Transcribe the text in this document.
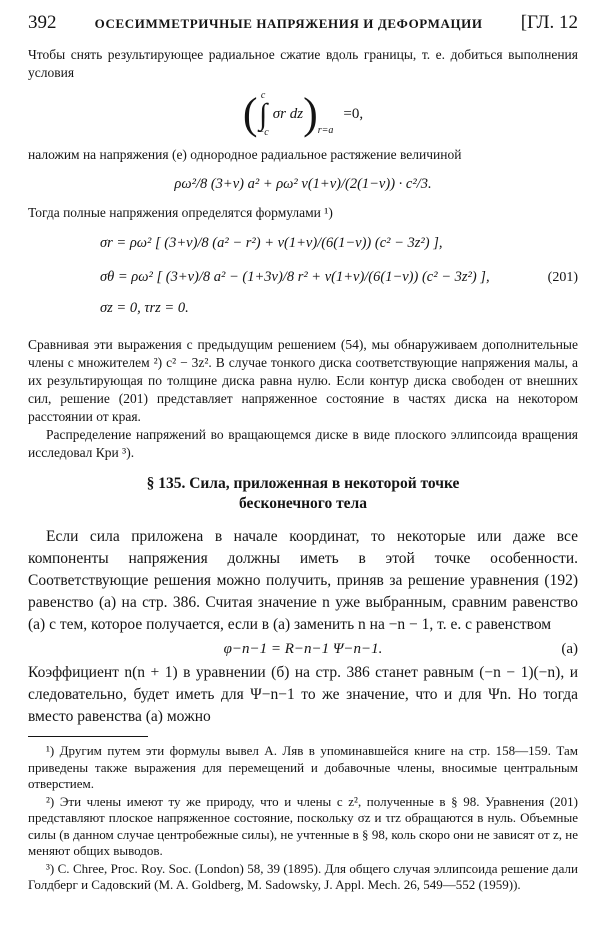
392	ОСЕСИММЕТРИЧНЫЕ НАПРЯЖЕНИЯ И ДЕФОРМАЦИИ [ГЛ. 12

Чтобы снять результирующее радиальное сжатие вдоль границы, т. е. добиться выполнения условия

( c
∫
−c
σr dz ) r=a
=0,

наложим на напряжения (е) однородное радиальное растяжение величиной

ρω²/8 (3+ν) a² + ρω² ν(1+ν)/(2(1−ν)) · c²/3.

Тогда полные напряжения определятся формулами ¹)

σr = ρω² [ (3+ν)/8 (a² − r²) + ν(1+ν)/(6(1−ν)) (c² − 3z²) ],
σθ = ρω² [ (3+ν)/8 a² − (1+3ν)/8 r² + ν(1+ν)/(6(1−ν)) (c² − 3z²) ],
σz = 0, τrz = 0.
(201)

Сравнивая эти выражения с предыдущим решением (54), мы обнаруживаем дополнительные члены с множителем ²) c² − 3z². В случае тонкого диска соответствующие напряжения малы, а их результирующая по толщине диска равна нулю. Если контур диска свободен от внешних сил, решение (201) представляет напряженное состояние в частях диска на некотором расстоянии от края.

Распределение напряжений во вращающемся диске в виде плоского эллипсоида вращения исследовал Кри ³).

§ 135. Сила, приложенная в некоторой точке
бесконечного тела

Если сила приложена в начале координат, то некоторые или даже все компоненты напряжения должны иметь в этой точке особенности. Соответствующие решения можно получить, приняв за решение уравнения (192) равенство (а) на стр. 386. Считая значение n уже выбранным, сравним равенство (а) с тем, которое получается, если в (а) заменить n на −n − 1, т. е. с равенством

φ−n−1 = R−n−1 Ψ−n−1.	(а)

Коэффициент n(n + 1) в уравнении (б) на стр. 386 станет равным (−n − 1)(−n), и следовательно, будет иметь для Ψ−n−1 то же значение, что и для Ψn. Но тогда вместо равенства (а) можно

¹) Другим путем эти формулы вывел А. Ляв в упоминавшейся книге на стр. 158—159. Там приведены также выражения для перемещений и добавочные члены, вносимые центральным отверстием.

²) Эти члены имеют ту же природу, что и члены с z², полученные в § 98. Уравнения (201) представляют плоское напряженное состояние, поскольку σz и τrz обращаются в нуль. Объемные силы (в данном случае центробежные силы), не учтенные в § 98, коль скоро они не зависят от z, не меняют общих выводов.

³) C. Chree, Proc. Roy. Soc. (London) 58, 39 (1895). Для общего случая эллипсоида решение дали Голдберг и Садовский (M. A. Goldberg, M. Sadowsky, J. Appl. Mech. 26, 549—552 (1959)).
